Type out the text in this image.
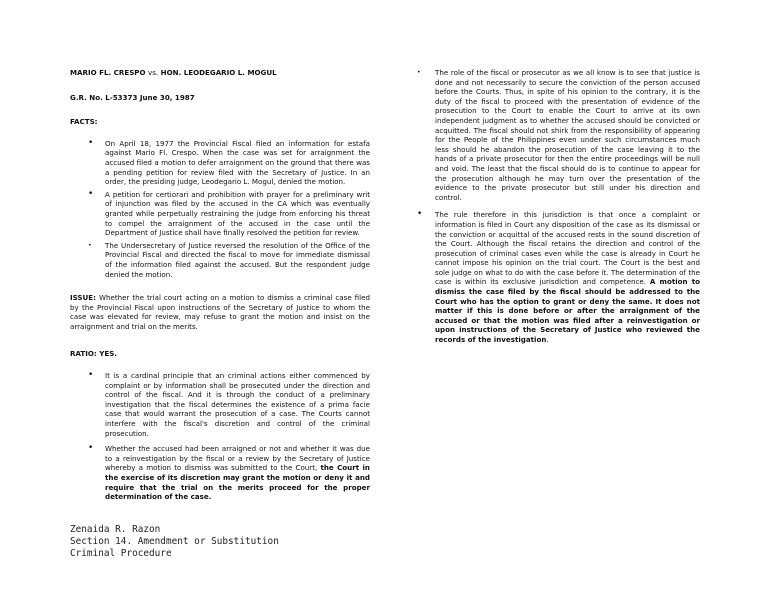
MARIO FL. CRESPO vs. HON. LEODEGARIO L. MOGUL

G.R. No. L-53373 June 30, 1987

FACTS:

• On April 18, 1977 the Provincial Fiscal filed an information for estafa against Mario Fl. Crespo. When the case was set for arraignment the accused filed a motion to defer arraignment on the ground that there was a pending petition for review filed with the Secretary of Justice. In an order, the presiding judge, Leodegario L. Mogul, denied the motion.
• A petition for certiorari and prohibition with prayer for a preliminary writ of injunction was filed by the accused in the CA which was eventually granted while perpetually restraining the judge from enforcing his threat to compel the arraignment of the accused in the case until the Department of Justice shall have finally resolved the petition for review.
• The Undersecretary of Justice reversed the resolution of the Office of the Provincial Fiscal and directed the fiscal to move for immediate dismissal of the information filed against the accused. But the respondent judge denied the motion.

ISSUE: Whether the trial court acting on a motion to dismiss a criminal case filed by the Provincial Fiscal upon instructions of the Secretary of Justice to whom the case was elevated for review, may refuse to grant the motion and insist on the arraignment and trial on the merits.

RATIO: YES.

• It is a cardinal principle that an criminal actions either commenced by complaint or by information shall be prosecuted under the direction and control of the fiscal. And it is through the conduct of a preliminary investigation that the fiscal determines the existence of a prima facie case that would warrant the prosecution of a case. The Courts cannot interfere with the fiscal's discretion and control of the criminal prosecution.
• Whether the accused had been arraigned or not and whether it was due to a reinvestigation by the fiscal or a review by the Secretary of Justice whereby a motion to dismiss was submitted to the Court, the Court in the exercise of its discretion may grant the motion or deny it and require that the trial on the merits proceed for the proper determination of the case.
• The role of the fiscal or prosecutor as we all know is to see that justice is done and not necessarily to secure the conviction of the person accused before the Courts. Thus, in spite of his opinion to the contrary, it is the duty of the fiscal to proceed with the presentation of evidence of the prosecution to the Court to enable the Court to arrive at its own independent judgment as to whether the accused should be convicted or acquitted. The fiscal should not shirk from the responsibility of appearing for the People of the Philippines even under such circumstances much less should he abandon the prosecution of the case leaving it to the hands of a private prosecutor for then the entire proceedings will be null and void. The least that the fiscal should do is to continue to appear for the prosecution although he may turn over the presentation of the evidence to the private prosecutor but still under his direction and control.
• The rule therefore in this jurisdiction is that once a complaint or information is filed in Court any disposition of the case as its dismissal or the conviction or acquittal of the accused rests in the sound discretion of the Court. Although the fiscal retains the direction and control of the prosecution of criminal cases even while the case is already in Court he cannot impose his opinion on the trial court. The Court is the best and sole judge on what to do with the case before it. The determination of the case is within its exclusive jurisdiction and competence. A motion to dismiss the case filed by the fiscal should be addressed to the Court who has the option to grant or deny the same. It does not matter if this is done before or after the arraignment of the accused or that the motion was filed after a reinvestigation or upon instructions of the Secretary of Justice who reviewed the records of the investigation.
Zenaida R. Razon
Section 14. Amendment or Substitution
Criminal Procedure
